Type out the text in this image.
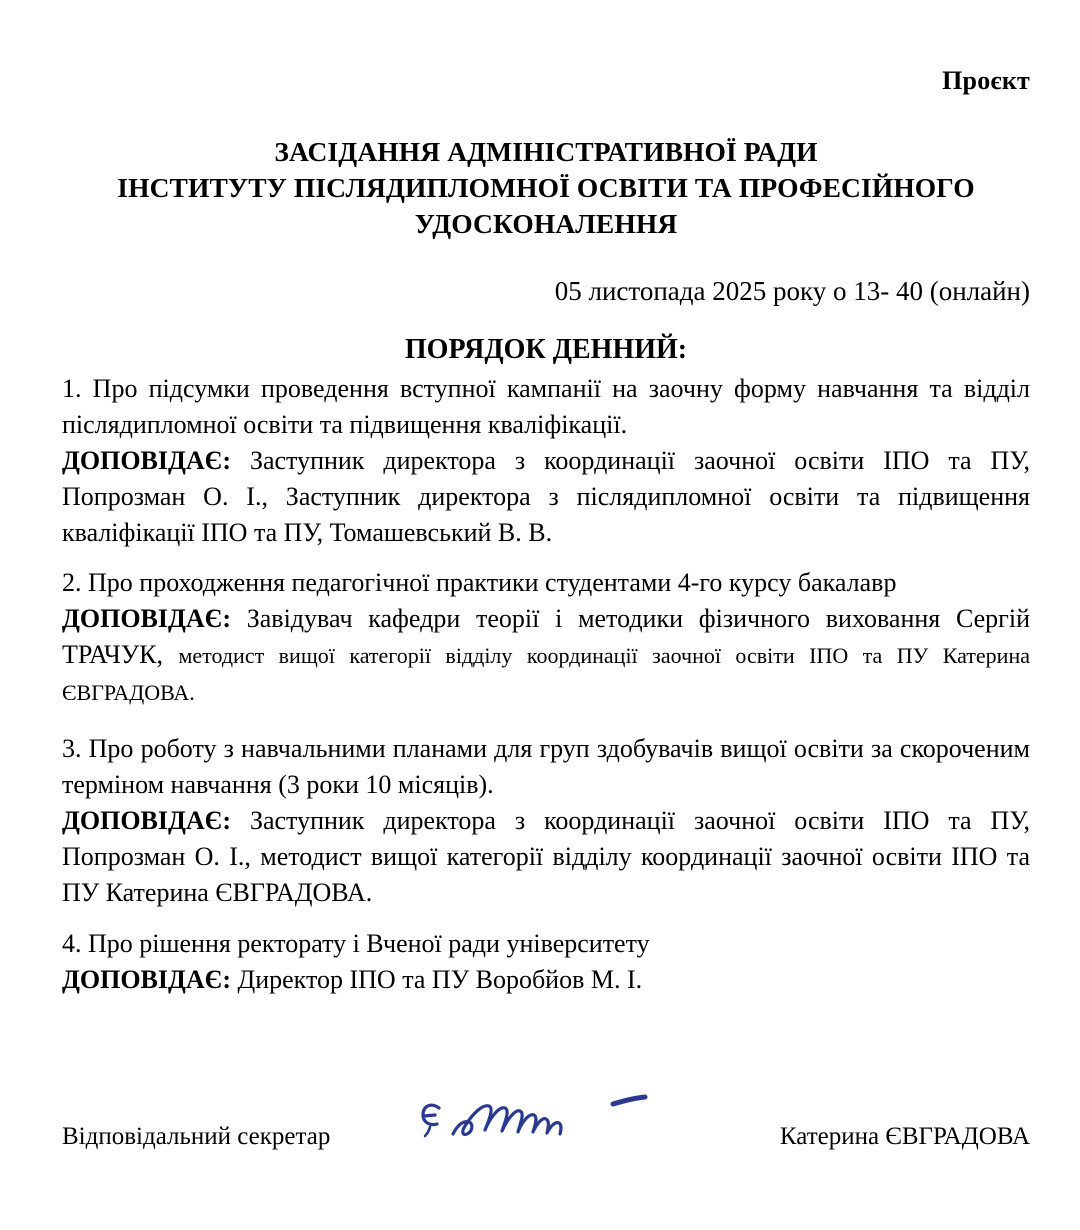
Проєкт
ЗАСІДАННЯ АДМІНІСТРАТИВНОЇ РАДИ
ІНСТИТУТУ ПІСЛЯДИПЛОМНОЇ ОСВІТИ ТА ПРОФЕСІЙНОГО
УДОСКОНАЛЕННЯ
05 листопада 2025 року о 13- 40 (онлайн)
ПОРЯДОК ДЕННИЙ:

1. Про підсумки проведення вступної кампанії на заочну форму навчання та відділ післядипломної освіти та підвищення кваліфікації.

ДОПОВІДАЄ: Заступник директора з координації заочної освіти ІПО та ПУ, Попрозман О. І., Заступник директора з післядипломної освіти та підвищення кваліфікації ІПО та ПУ, Томашевський В. В.

2. Про проходження педагогічної практики студентами 4-го курсу бакалавр

ДОПОВІДАЄ: Завідувач кафедри теорії і методики фізичного виховання Сергій ТРАЧУК, методист вищої категорії відділу координації заочної освіти ІПО та ПУ Катерина ЄВГРАДОВА.

3. Про роботу з навчальними планами для груп здобувачів вищої освіти за скороченим терміном навчання (3 роки 10 місяців).

ДОПОВІДАЄ: Заступник директора з координації заочної освіти ІПО та ПУ, Попрозман О. І., методист вищої категорії відділу координації заочної освіти ІПО та ПУ Катерина ЄВГРАДОВА.

4. Про рішення ректорату і Вченої ради університету

ДОПОВІДАЄ: Директор ІПО та ПУ Воробйов М. І.

Відповідальний секретар	Катерина ЄВГРАДОВА
